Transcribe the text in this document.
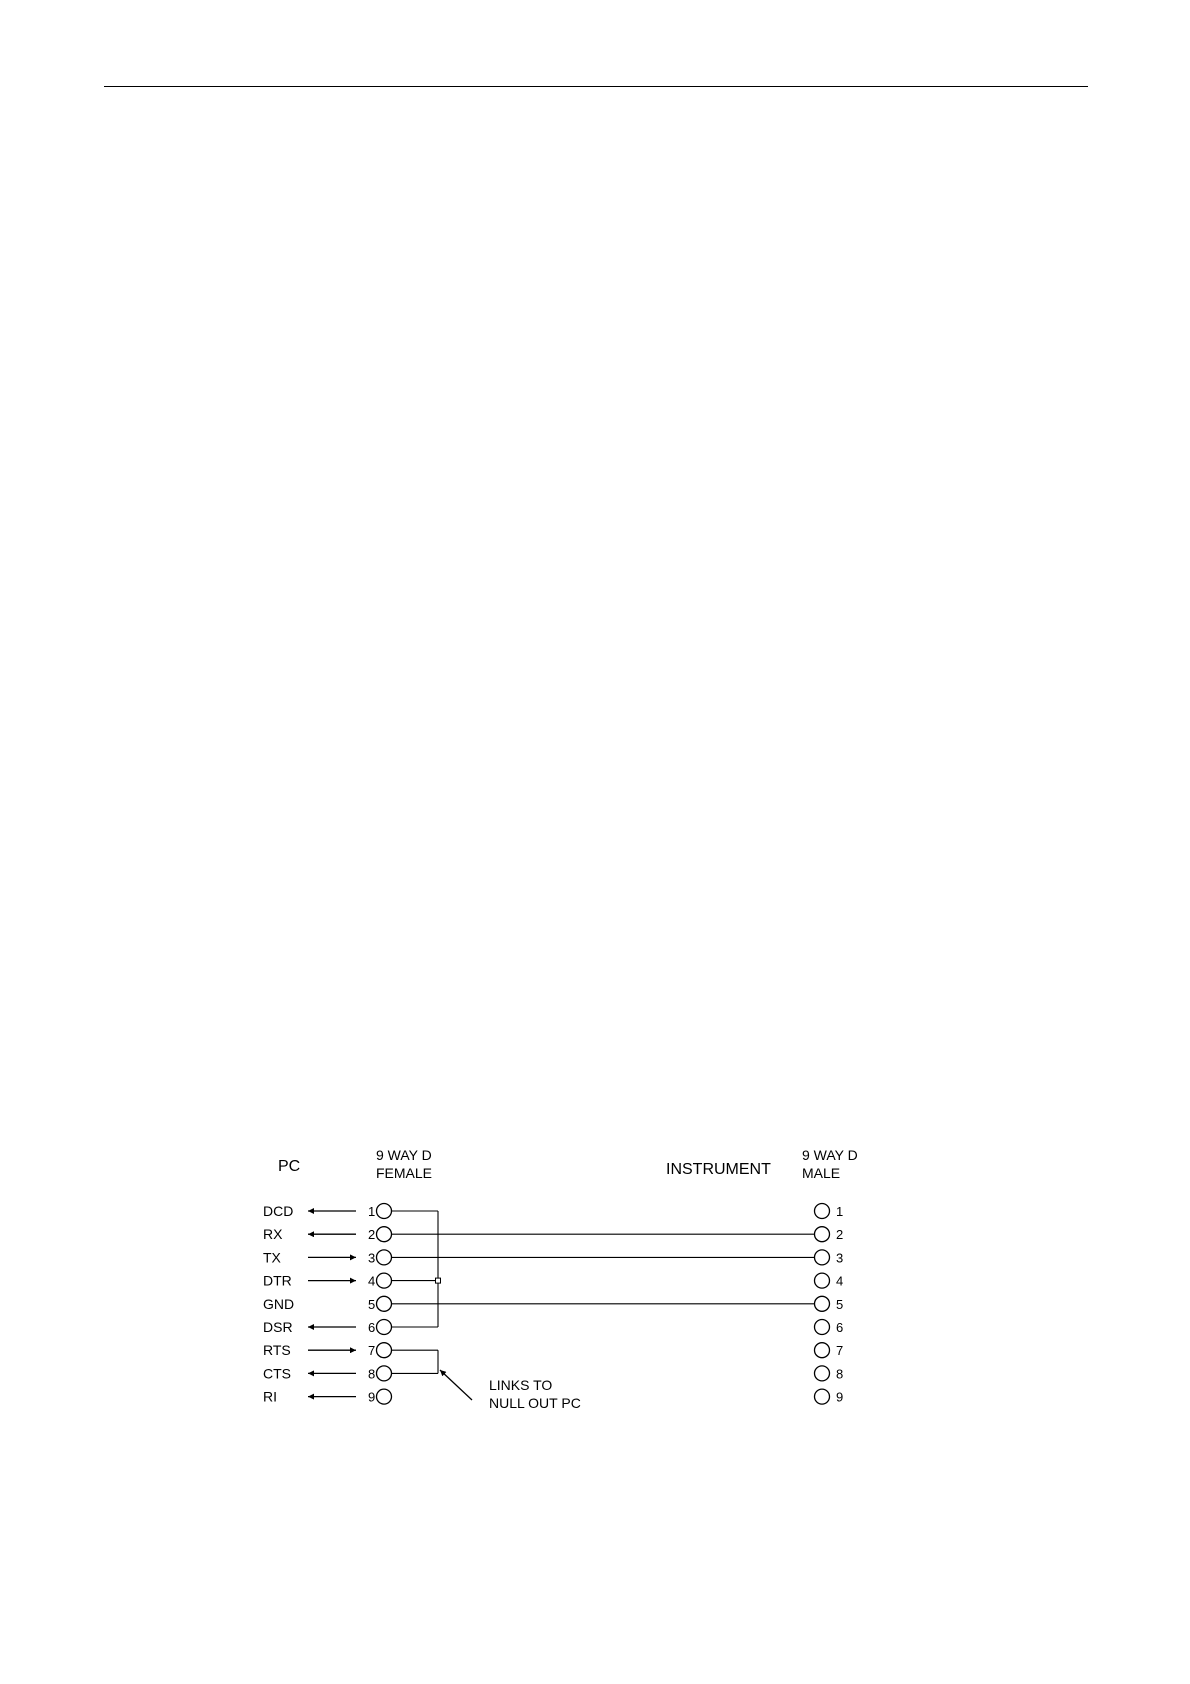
PC
9 WAY D
FEMALE	INSTRUMENT
9 WAY D
MALE
DCD	1
RX	2
TX	3
DTR	4
GND	5
DSR	6
RTS	7
CTS	8
RI	9
1
2
3
4
5
6
7
8
9
LINKS TO
NULL OUT PC
